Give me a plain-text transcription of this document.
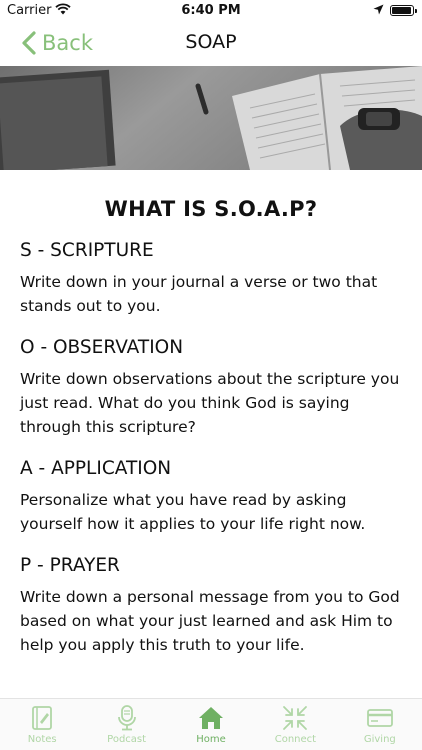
Carrier	6:40 PM
Back	SOAP
WHAT IS S.O.A.P?
S - SCRIPTURE
Write down in your journal a verse or two that stands out to you.
O - OBSERVATION
Write down observations about the scripture you just read. What do you think God is saying through this scripture?
A - APPLICATION
Personalize what you have read by asking yourself how it applies to your life right now.
P - PRAYER
Write down a personal message from you to God based on what your just learned and ask Him to help you apply this truth to your life.
Notes	Podcast	Home	Connect	Giving
